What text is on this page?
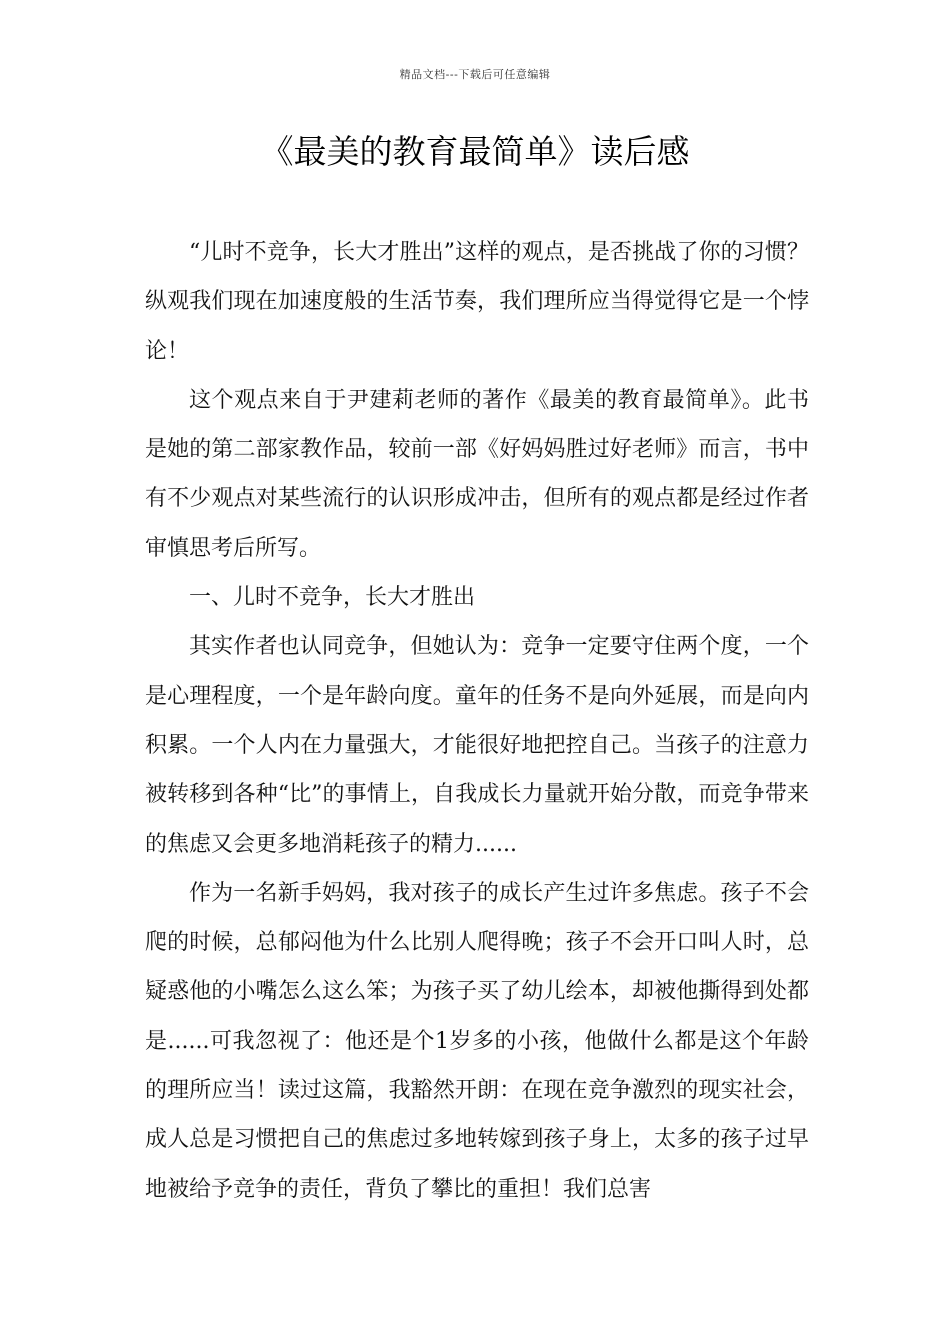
精品文档---下载后可任意编辑
《最美的教育最简单》读后感

“儿时不竞争，长大才胜出”这样的观点，是否挑战了你的习惯？纵观我们现在加速度般的生活节奏，我们理所应当得觉得它是一个悖论！

这个观点来自于尹建莉老师的著作《最美的教育最简单》。此书是她的第二部家教作品，较前一部《好妈妈胜过好老师》而言，书中有不少观点对某些流行的认识形成冲击，但所有的观点都是经过作者审慎思考后所写。

一、儿时不竞争，长大才胜出

其实作者也认同竞争，但她认为：竞争一定要守住两个度，一个是心理程度，一个是年龄向度。童年的任务不是向外延展，而是向内积累。一个人内在力量强大，才能很好地把控自己。当孩子的注意力被转移到各种“比”的事情上，自我成长力量就开始分散，而竞争带来的焦虑又会更多地消耗孩子的精力......

作为一名新手妈妈，我对孩子的成长产生过许多焦虑。孩子不会爬的时候，总郁闷他为什么比别人爬得晚；孩子不会开口叫人时，总疑惑他的小嘴怎么这么笨；为孩子买了幼儿绘本，却被他撕得到处都是......可我忽视了：他还是个1岁多的小孩，他做什么都是这个年龄的理所应当！读过这篇，我豁然开朗：在现在竞争激烈的现实社会，成人总是习惯把自己的焦虑过多地转嫁到孩子身上，太多的孩子过早地被给予竞争的责任，背负了攀比的重担！我们总害
